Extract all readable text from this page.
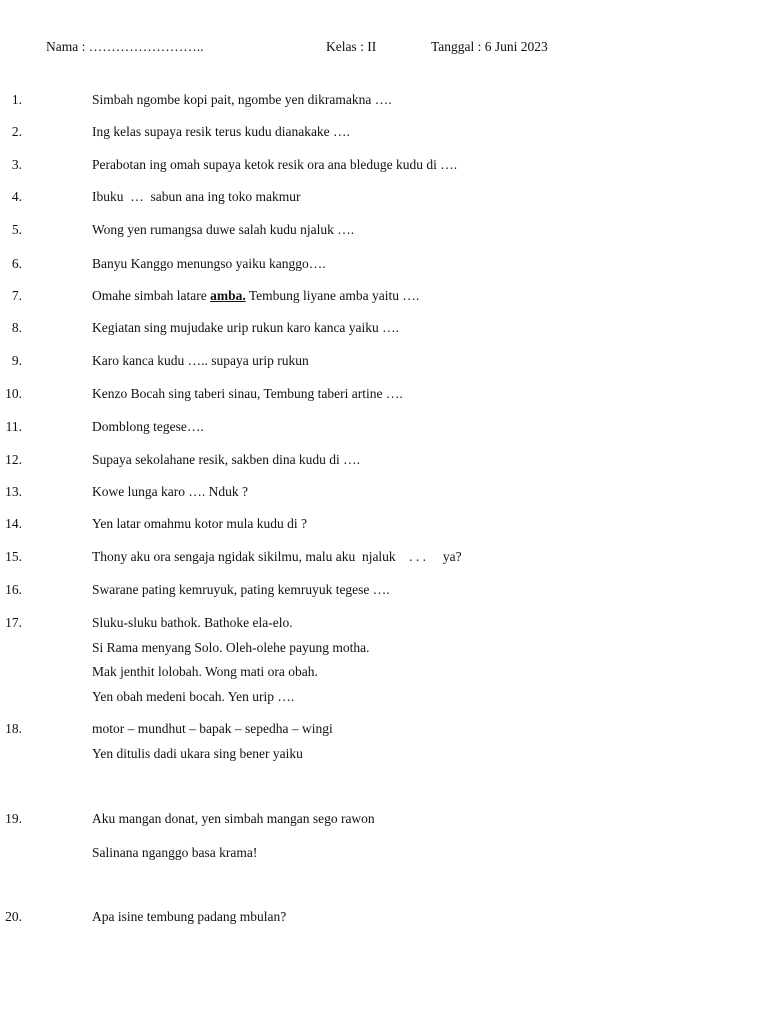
Nama : ……………………..	Kelas : II	Tanggal : 6 Juni 2023
1 .	Simbah ngombe kopi pait, ngombe yen dikramakna ….
2 .	Ing kelas supaya resik terus kudu dianakake ….
3 .	Perabotan ing omah supaya ketok resik ora ana bleduge kudu di ….
4 .	Ibuku  …  sabun ana ing toko makmur
5 .	Wong yen rumangsa duwe salah kudu njaluk ….
6 .	Banyu Kanggo menungso yaiku kanggo….
7 .	Omahe simbah latare amba. Tembung liyane amba yaitu ….
8 .	Kegiatan sing mujudake urip rukun karo kanca yaiku ….
9 .	Karo kanca kudu ….. supaya urip rukun
10 .	Kenzo Bocah sing taberi sinau, Tembung taberi artine ….
11 .	Domblong tegese….
12 .	Supaya sekolahane resik, sakben dina kudu di ….
13 .	Kowe lunga karo …. Nduk ?
14 .	Yen latar omahmu kotor mula kudu di ?
15 .	Thony aku ora sengaja ngidak sikilmu, malu aku  njaluk    . . .     ya?
16 .	Swarane pating kemruyuk, pating kemruyuk tegese ….
17 .	Sluku-sluku bathok. Bathoke ela-elo.
Si Rama menyang Solo. Oleh-olehe payung motha.
Mak jenthit lolobah. Wong mati ora obah.
Yen obah medeni bocah. Yen urip ….
18 .	motor – mundhut – bapak – sepedha – wingi
Yen ditulis dadi ukara sing bener yaiku
19 .	Aku mangan donat, yen simbah mangan sego rawon
Salinana nganggo basa krama!
20 .	Apa isine tembung padang mbulan?
